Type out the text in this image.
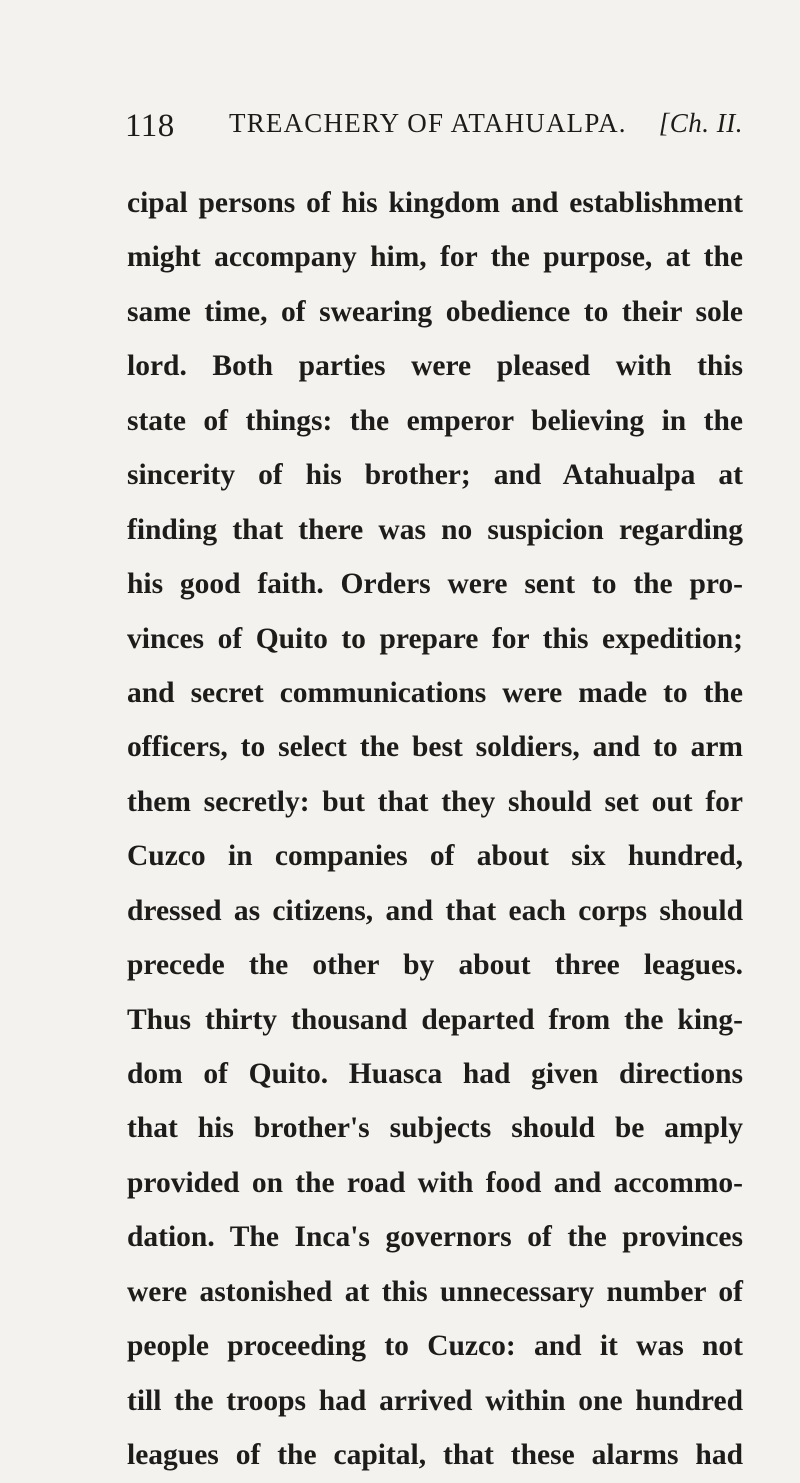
118 TREACHERY OF ATAHUALPA. [Ch. II.
cipal persons of his kingdom and establishment
might accompany him, for the purpose, at the
same time, of swearing obedience to their sole
lord. Both parties were pleased with this
state of things: the emperor believing in the
sincerity of his brother; and Atahualpa at
finding that there was no suspicion regarding
his good faith. Orders were sent to the pro-
vinces of Quito to prepare for this expedition;
and secret communications were made to the
officers, to select the best soldiers, and to arm
them secretly: but that they should set out for
Cuzco in companies of about six hundred,
dressed as citizens, and that each corps should
precede the other by about three leagues.
Thus thirty thousand departed from the king-
dom of Quito. Huasca had given directions
that his brother's subjects should be amply
provided on the road with food and accommo-
dation. The Inca's governors of the provinces
were astonished at this unnecessary number of
people proceeding to Cuzco: and it was not
till the troops had arrived within one hundred
leagues of the capital, that these alarms had
